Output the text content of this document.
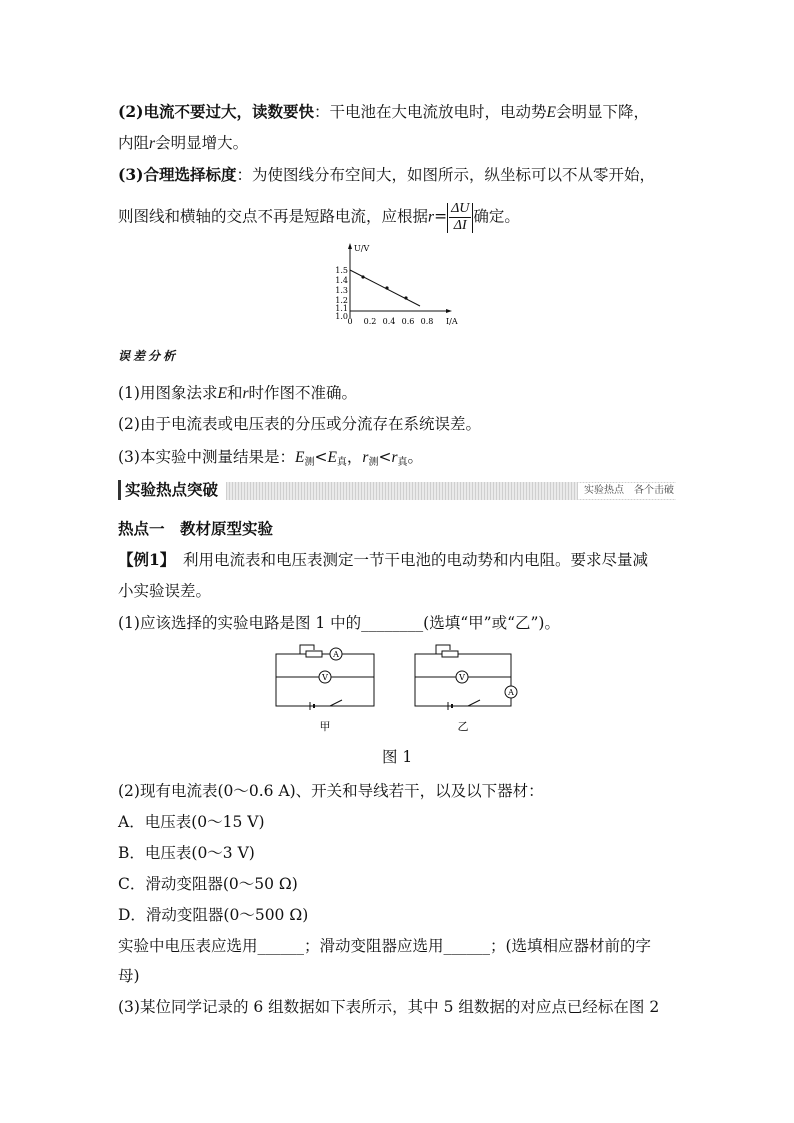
(2)电流不要过大，读数要快：干电池在大电流放电时，电动势E会明显下降，
内阻r会明显增大。
(3)合理选择标度：为使图线分布空间大，如图所示，纵坐标可以不从零开始，
则图线和横轴的交点不再是短路电流，应根据$r= \frac{\Delta U}{\Delta I}$ 确定。
U/V
I/A
1.5
1.4
1.3
1.2
1.1
1.0
0 0.2 0.4 0.6 0.8
误差分析
(1)用图象法求E和r时作图不准确。
(2)由于电流表或电压表的分压或分流存在系统误差。
(3)本实验中测量结果是：E测<E真，r测<r真。
实验热点突破	实验热点　各个击破
热点一　教材原型实验
【例1】　利用电流表和电压表测定一节干电池的电动势和内电阻。要求尽量减
小实验误差。
(1)应该选择的实验电路是图 1 中的________(选填“甲”或“乙”)。
A
V
甲
V
A
乙
图 1
(2)现有电流表(0～0.6 A)、开关和导线若干，以及以下器材：
A．电压表(0～15 V)
B．电压表(0～3 V)
C．滑动变阻器(0～50 Ω)
D．滑动变阻器(0～500 Ω)
实验中电压表应选用______；滑动变阻器应选用______；(选填相应器材前的字
母)
(3)某位同学记录的 6 组数据如下表所示，其中 5 组数据的对应点已经标在图 2
